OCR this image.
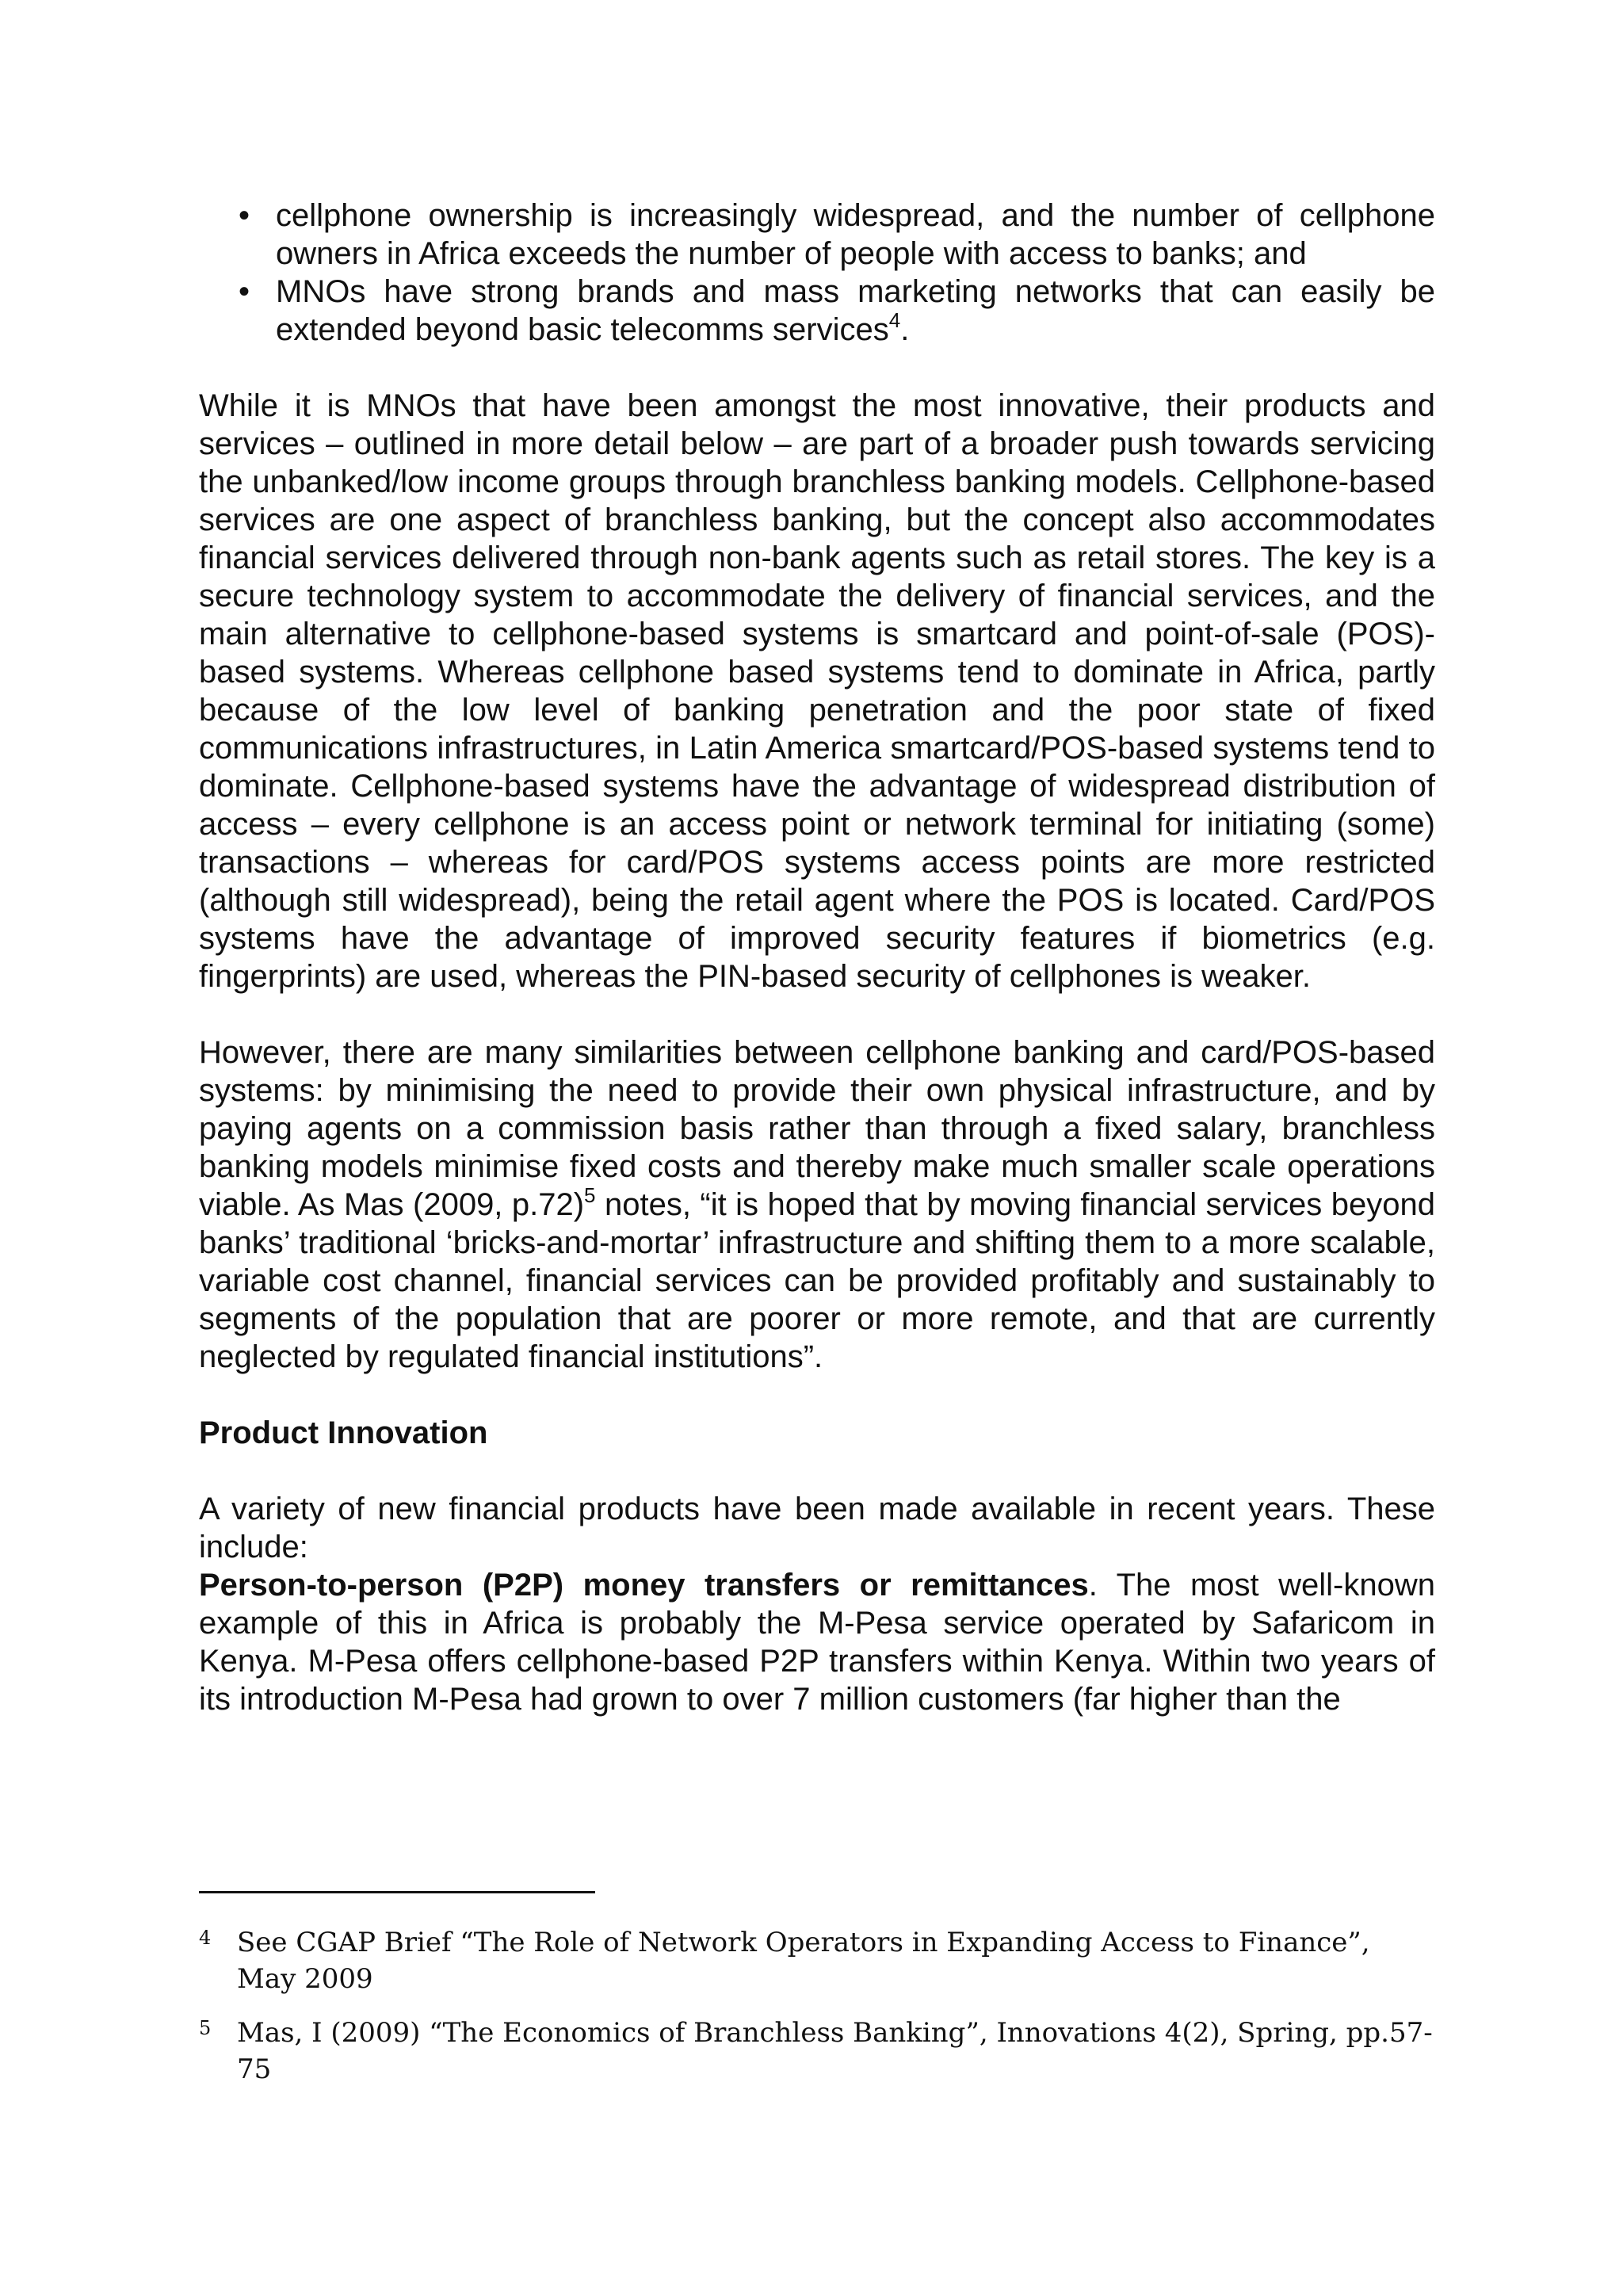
• cellphone ownership is increasingly widespread, and the number of cellphone owners in Africa exceeds the number of people with access to banks; and
• MNOs have strong brands and mass marketing networks that can easily be extended beyond basic telecomms services$^4$.

While it is MNOs that have been amongst the most innovative, their products and services – outlined in more detail below – are part of a broader push towards servicing the unbanked/low income groups through branchless banking models. Cellphone-based services are one aspect of branchless banking, but the concept also accommodates financial services delivered through non-bank agents such as retail stores. The key is a secure technology system to accommodate the delivery of financial services, and the main alternative to cellphone-based systems is smartcard and point-of-sale (POS)-based systems. Whereas cellphone based systems tend to dominate in Africa, partly because of the low level of banking penetration and the poor state of fixed communications infrastructures, in Latin America smartcard/POS-based systems tend to dominate. Cellphone-based systems have the advantage of widespread distribution of access – every cellphone is an access point or network terminal for initiating (some) transactions – whereas for card/POS systems access points are more restricted (although still widespread), being the retail agent where the POS is located. Card/POS systems have the advantage of improved security features if biometrics (e.g. fingerprints) are used, whereas the PIN-based security of cellphones is weaker.

However, there are many similarities between cellphone banking and card/POS-based systems: by minimising the need to provide their own physical infrastructure, and by paying agents on a commission basis rather than through a fixed salary, branchless banking models minimise fixed costs and thereby make much smaller scale operations viable. As Mas (2009, p.72)$^5$ notes, “it is hoped that by moving financial services beyond banks’ traditional ‘bricks-and-mortar’ infrastructure and shifting them to a more scalable, variable cost channel, financial services can be provided profitably and sustainably to segments of the population that are poorer or more remote, and that are currently neglected by regulated financial institutions”.

Product Innovation

A variety of new financial products have been made available in recent years. These include:

Person-to-person (P2P) money transfers or remittances. The most well-known example of this in Africa is probably the M-Pesa service operated by Safaricom in Kenya. M-Pesa offers cellphone-based P2P transfers within Kenya. Within two years of its introduction M-Pesa had grown to over 7 million customers (far higher than the

4 See CGAP Brief “The Role of Network Operators in Expanding Access to Finance”, May 2009
5 Mas, I (2009) “The Economics of Branchless Banking”, Innovations 4(2), Spring, pp.57-75
